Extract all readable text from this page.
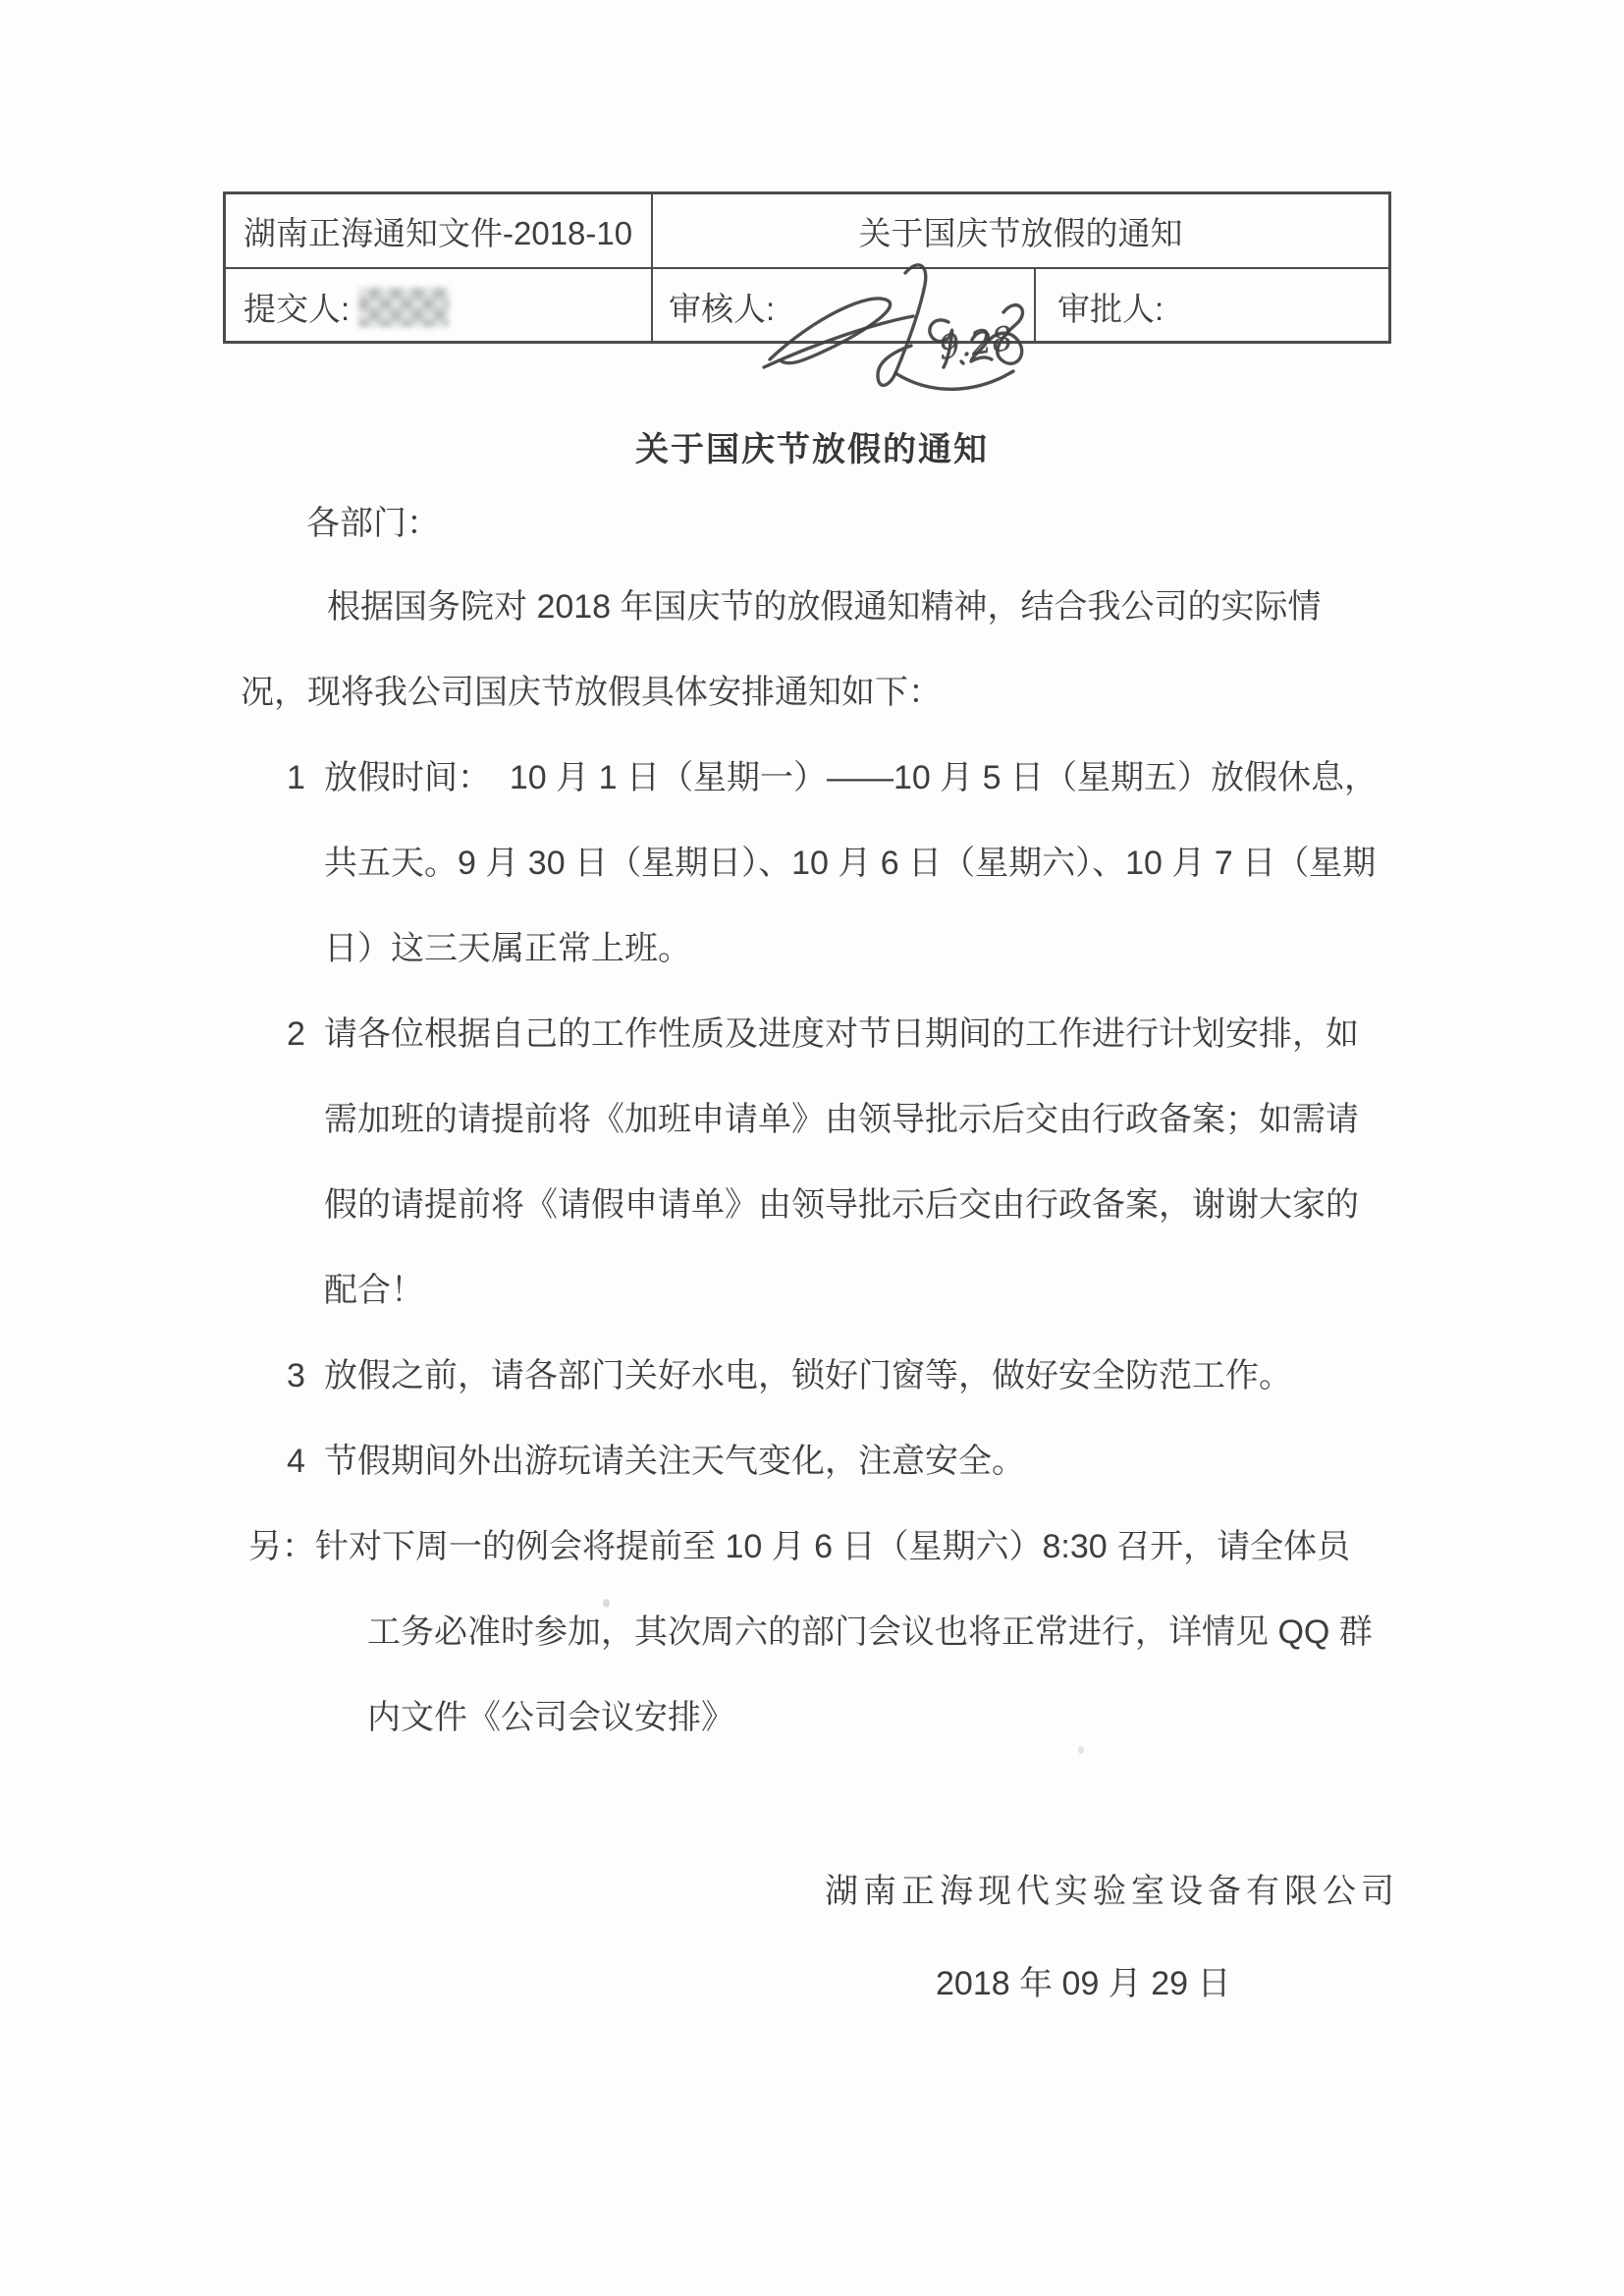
湖南正海通知文件-2018-10	关于国庆节放假的通知
提交人:	审核人:	审批人:
9.28
关于国庆节放假的通知
各部门：
根据国务院对 2018 年国庆节的放假通知精神，结合我公司的实际情
况，现将我公司国庆节放假具体安排通知如下：
1 放假时间：  10 月 1 日（星期一）——10 月 5 日（星期五）放假休息，
共五天。9 月 30 日（星期日）、10 月 6 日（星期六）、10 月 7 日（星期
日）这三天属正常上班。
2 请各位根据自己的工作性质及进度对节日期间的工作进行计划安排，如
需加班的请提前将《加班申请单》由领导批示后交由行政备案；如需请
假的请提前将《请假申请单》由领导批示后交由行政备案，谢谢大家的
配合！
3 放假之前，请各部门关好水电，锁好门窗等，做好安全防范工作。
4 节假期间外出游玩请关注天气变化，注意安全。
另：针对下周一的例会将提前至 10 月 6 日（星期六）8:30 召开，请全体员
工务必准时参加，其次周六的部门会议也将正常进行，详情见 QQ 群
内文件《公司会议安排》
湖南正海现代实验室设备有限公司
2018 年 09 月 29 日
